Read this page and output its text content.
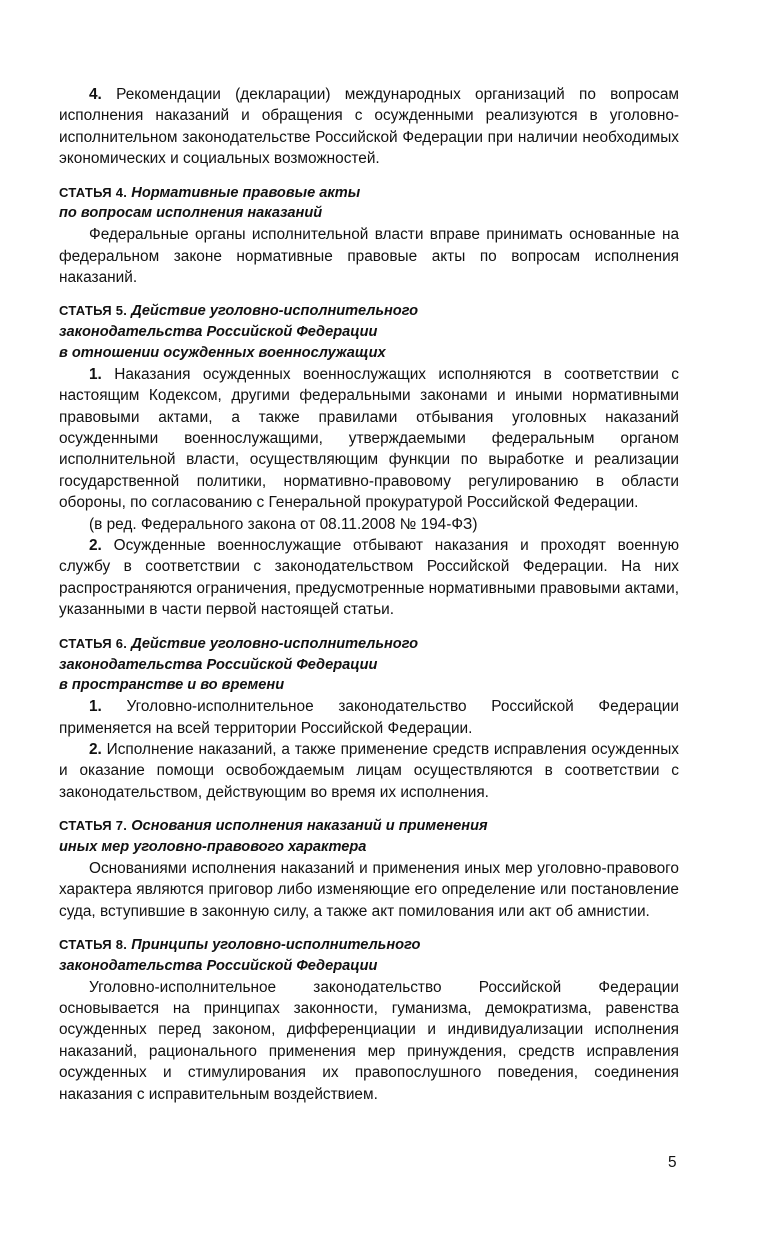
4. Рекомендации (декларации) международных организаций по вопросам исполнения наказаний и обращения с осужденными реализуются в уголовно-исполнительном законодательстве Российской Федерации при наличии необходимых экономических и социальных возможностей.

СТАТЬЯ 4. Нормативные правовые акты
по вопросам исполнения наказаний

Федеральные органы исполнительной власти вправе принимать основанные на федеральном законе нормативные правовые акты по вопросам исполнения наказаний.

СТАТЬЯ 5. Действие уголовно-исполнительного
законодательства Российской Федерации
в отношении осужденных военнослужащих

1. Наказания осужденных военнослужащих исполняются в соответствии с настоящим Кодексом, другими федеральными законами и иными нормативными правовыми актами, а также правилами отбывания уголовных наказаний осужденными военнослужащими, утверждаемыми федеральным органом исполнительной власти, осуществляющим функции по выработке и реализации государственной политики, нормативно-правовому регулированию в области обороны, по согласованию с Генеральной прокуратурой Российской Федерации.

(в ред. Федерального закона от 08.11.2008 № 194-ФЗ)

2. Осужденные военнослужащие отбывают наказания и проходят военную службу в соответствии с законодательством Российской Федерации. На них распространяются ограничения, предусмотренные нормативными правовыми актами, указанными в части первой настоящей статьи.

СТАТЬЯ 6. Действие уголовно-исполнительного
законодательства Российской Федерации
в пространстве и во времени

1. Уголовно-исполнительное законодательство Российской Федерации применяется на всей территории Российской Федерации.

2. Исполнение наказаний, а также применение средств исправления осужденных и оказание помощи освобождаемым лицам осуществляются в соответствии с законодательством, действующим во время их исполнения.

СТАТЬЯ 7. Основания исполнения наказаний и применения
иных мер уголовно-правового характера

Основаниями исполнения наказаний и применения иных мер уголовно-правового характера являются приговор либо изменяющие его определение или постановление суда, вступившие в законную силу, а также акт помилования или акт об амнистии.

СТАТЬЯ 8. Принципы уголовно-исполнительного
законодательства Российской Федерации

Уголовно-исполнительное законодательство Российской Федерации основывается на принципах законности, гуманизма, демократизма, равенства осужденных перед законом, дифференциации и индивидуализации исполнения наказаний, рационального применения мер принуждения, средств исправления осужденных и стимулирования их правопослушного поведения, соединения наказания с исправительным воздействием.

5
